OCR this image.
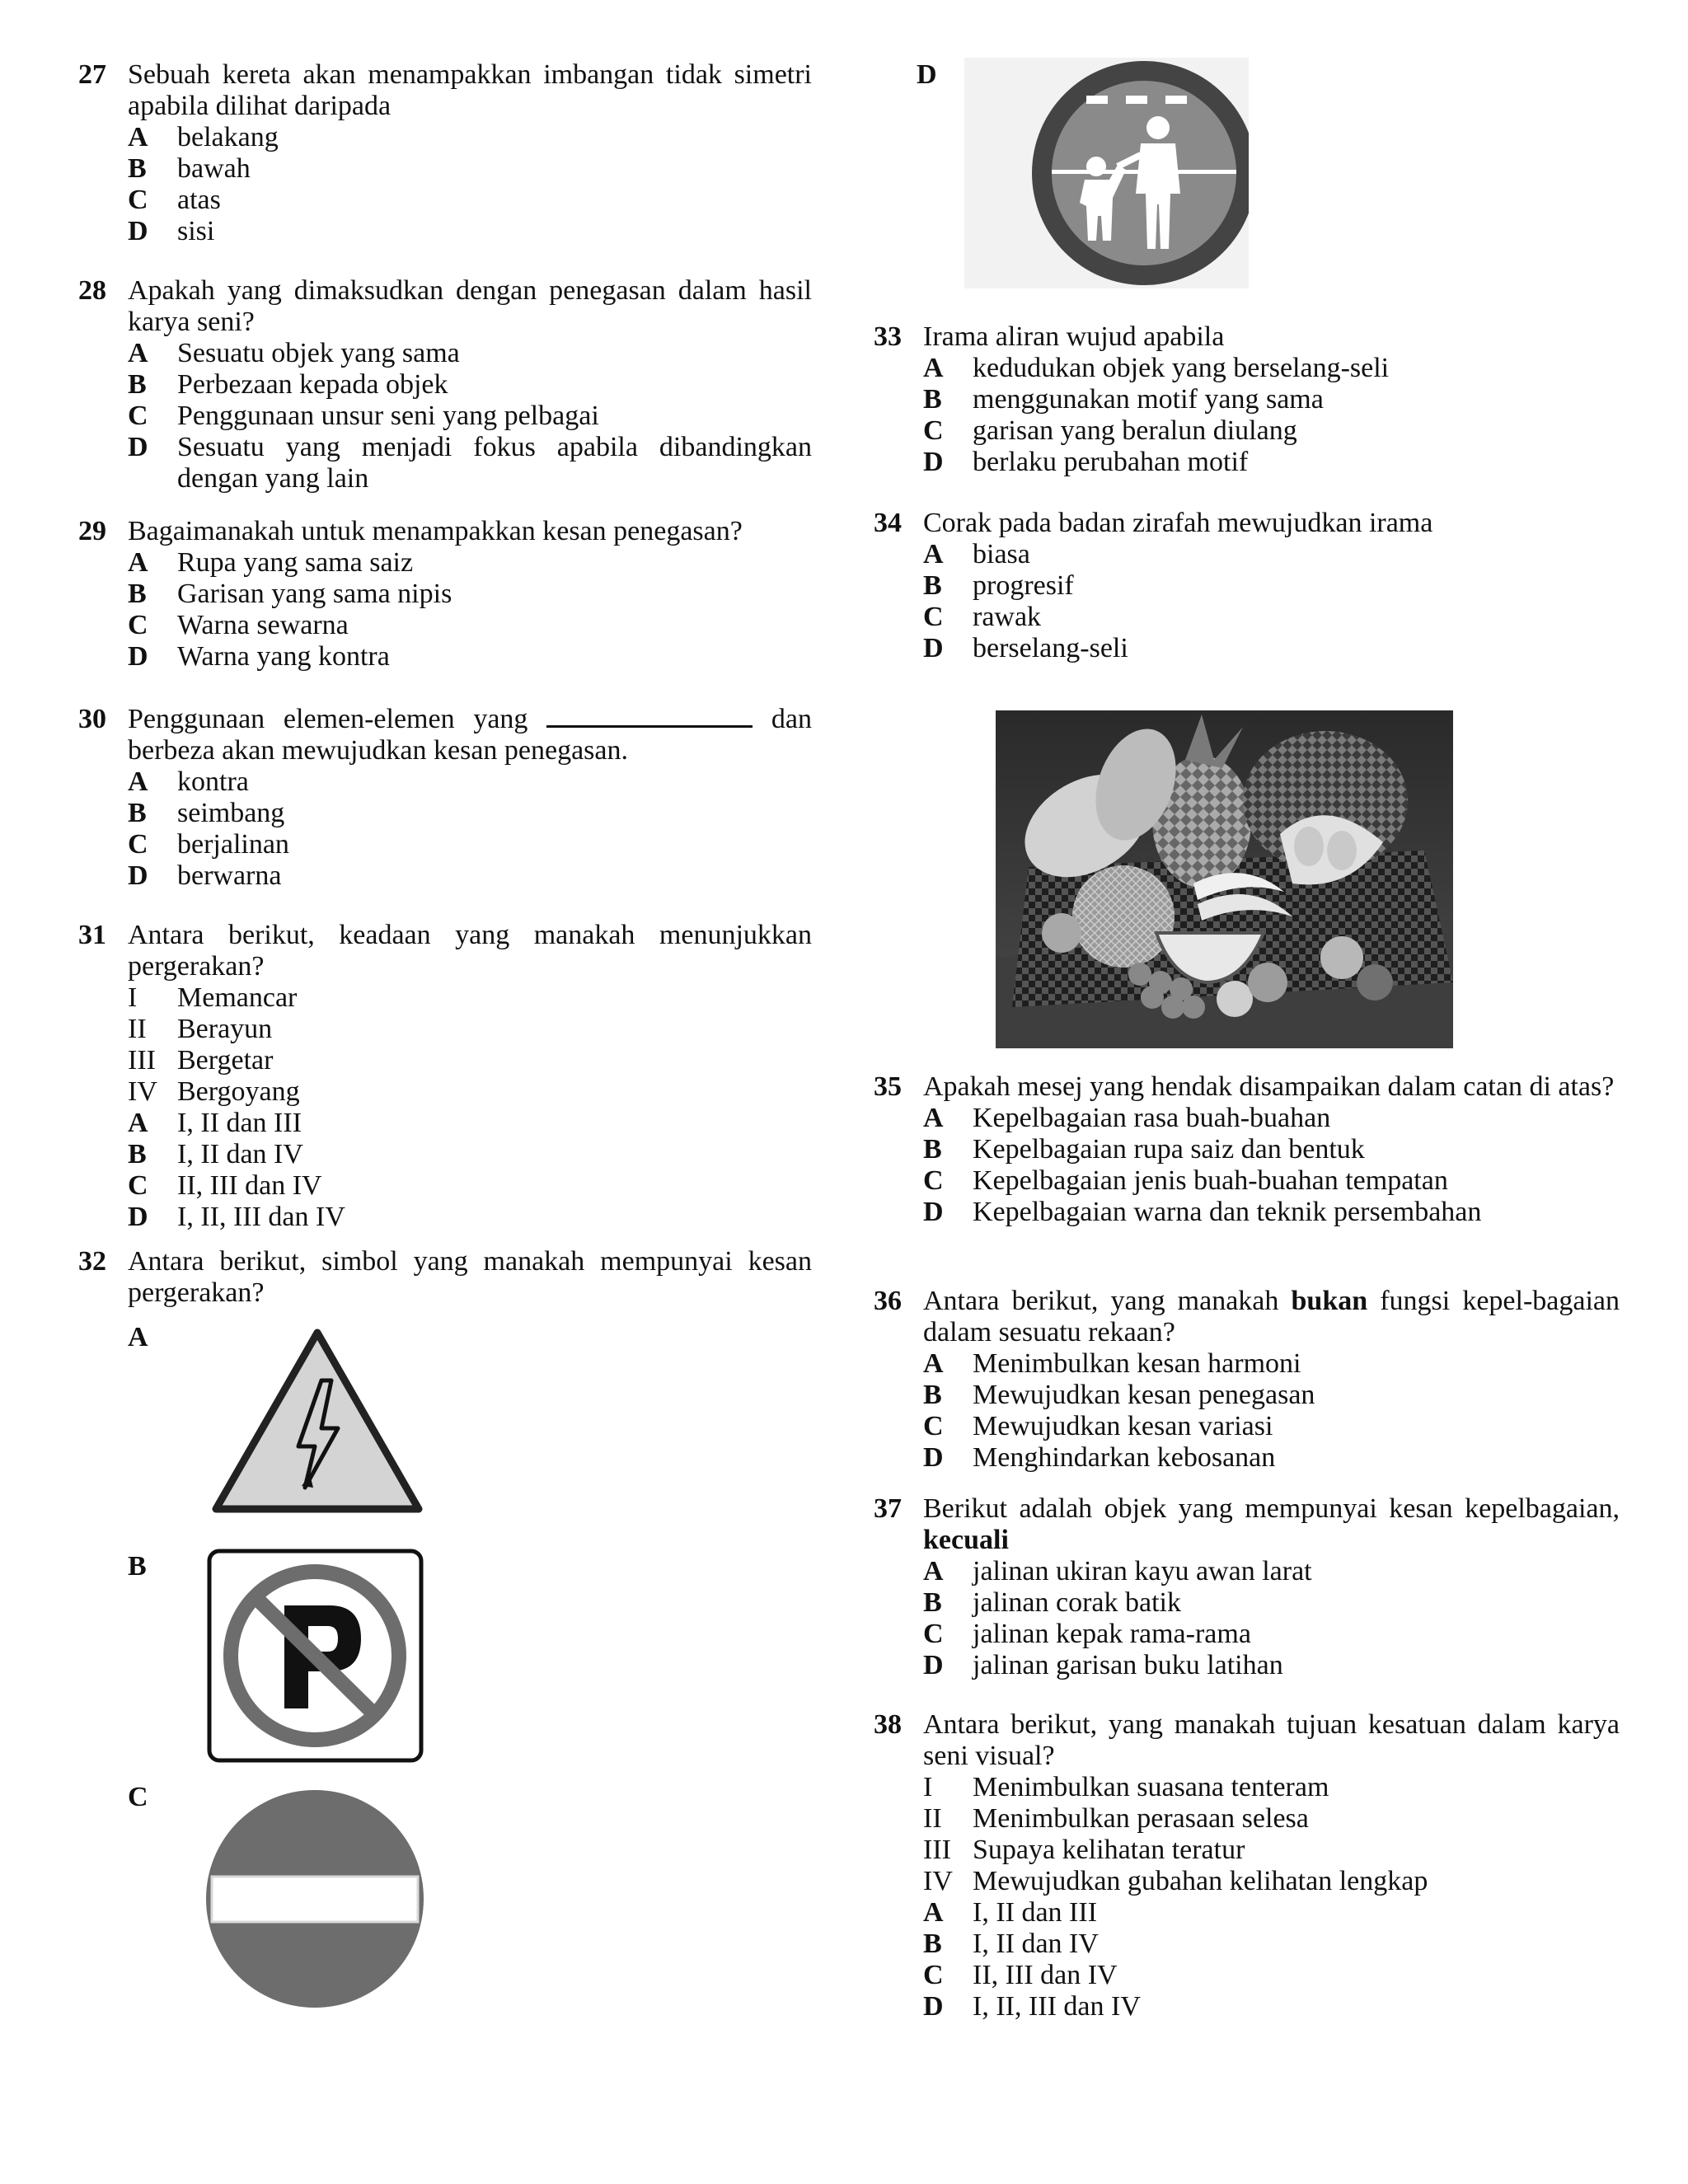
27 Sebuah kereta akan menampakkan imbangan tidak simetri apabila dilihat daripada
A	belakang
B	bawah
C	atas
D	sisi
28 Apakah yang dimaksudkan dengan penegasan dalam hasil karya seni?
A	Sesuatu objek yang sama
B	Perbezaan kepada objek
C	Penggunaan unsur seni yang pelbagai
D	Sesuatu yang menjadi fokus apabila dibandingkan dengan yang lain
29 Bagaimanakah untuk menampakkan kesan penegasan?
A	Rupa yang sama saiz
B	Garisan yang sama nipis
C	Warna sewarna
D	Warna yang kontra
30 Penggunaan elemen-elemen yang	dan berbeza akan mewujudkan kesan penegasan.
A	kontra
B	seimbang
C	berjalinan
D	berwarna
31 Antara berikut, keadaan yang manakah menunjukkan pergerakan?
I	Memancar
II	Berayun
III Bergetar
IV Bergoyang
A	I, II dan III
B	I, II dan IV
C	II, III dan IV
D	I, II, III dan IV
32 Antara berikut, simbol yang manakah mempunyai kesan pergerakan?
A
B
C
D
33 Irama aliran wujud apabila
A	kedudukan objek yang berselang-seli
B	menggunakan motif yang sama
C	garisan yang beralun diulang
D	berlaku perubahan motif
34 Corak pada badan zirafah mewujudkan irama
A	biasa
B	progresif
C	rawak
D	berselang-seli
35 Apakah mesej yang hendak disampaikan dalam catan di atas?
A	Kepelbagaian rasa buah-buahan
B	Kepelbagaian rupa saiz dan bentuk
C	Kepelbagaian jenis buah-buahan tempatan
D	Kepelbagaian warna dan teknik persembahan
36 Antara berikut, yang manakah bukan fungsi kepel-bagaian dalam sesuatu rekaan?
A	Menimbulkan kesan harmoni
B	Mewujudkan kesan penegasan
C	Mewujudkan kesan variasi
D	Menghindarkan kebosanan
37 Berikut adalah objek yang mempunyai kesan kepelbagaian, kecuali
A	jalinan ukiran kayu awan larat
B	jalinan corak batik
C	jalinan kepak rama-rama
D	jalinan garisan buku latihan
38 Antara berikut, yang manakah tujuan kesatuan dalam karya seni visual?
I	Menimbulkan suasana tenteram
II	Menimbulkan perasaan selesa
III Supaya kelihatan teratur
IV Mewujudkan gubahan kelihatan lengkap
A	I, II dan III
B	I, II dan IV
C	II, III dan IV
D	I, II, III dan IV
